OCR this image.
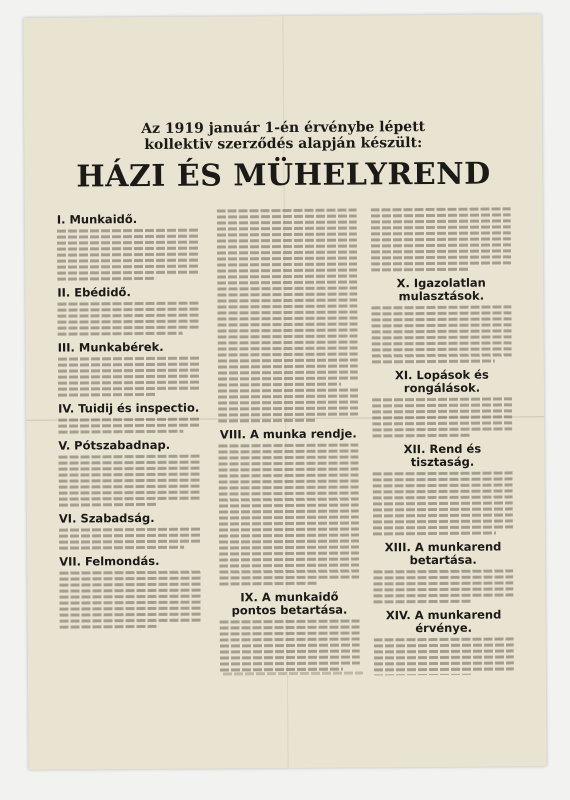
Az 1919 január 1-én érvénybe lépett
kollektiv szerződés alapján készült:
HÁZI ÉS MÜHELYREND
I. Munkaidő.
II. Ebédidő.
III. Munkabérek.
IV. Tuidij és inspectio.
V. Pótszabadnap.
VI. Szabadság.
VII. Felmondás.
VIII. A munka rendje.
IX. A munkaidő pontos betartása.
X. Igazolatlan mulasztások.
XI. Lopások és rongálások.
XII. Rend és tisztaság.
XIII. A munkarend betartása.
XIV. A munkarend érvénye.
